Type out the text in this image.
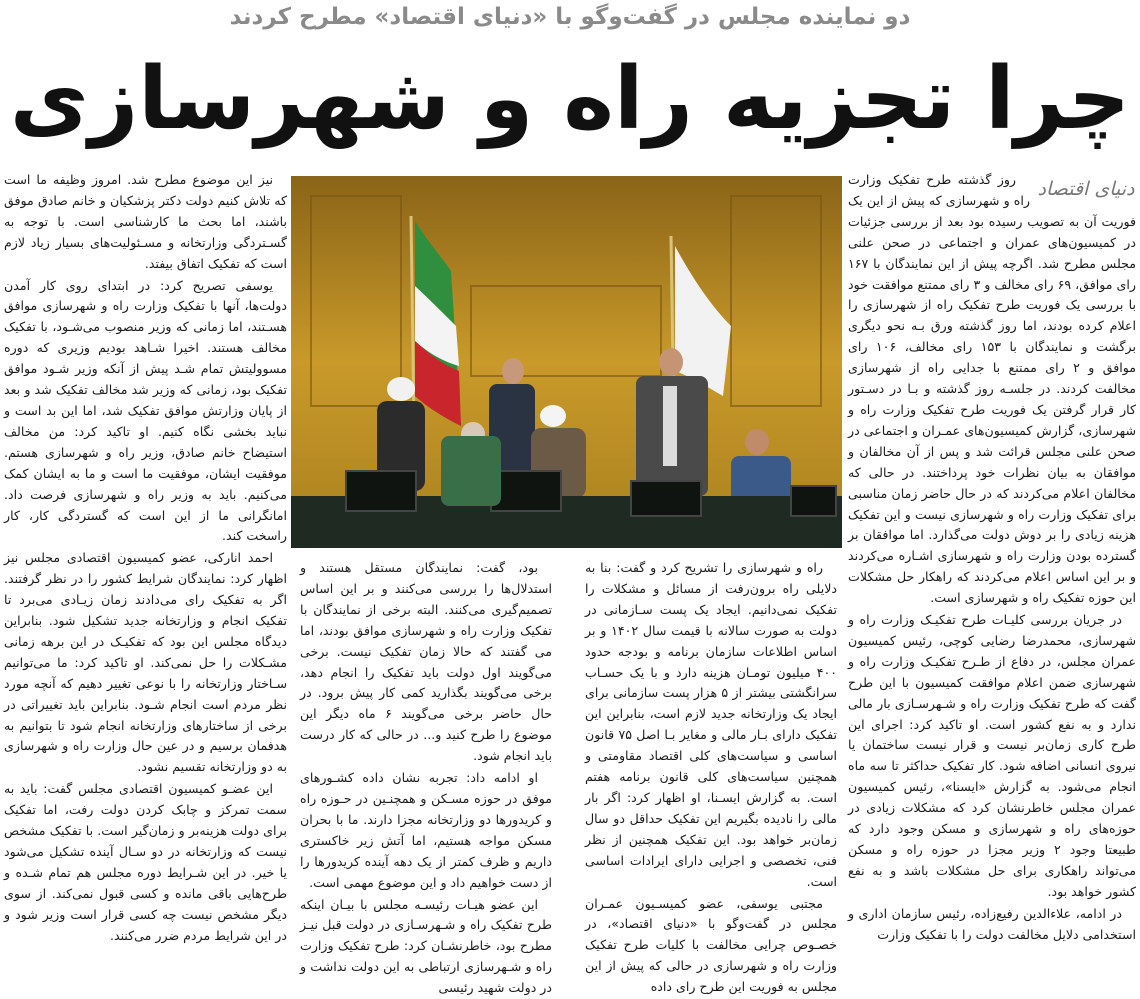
دو نماینده مجلس در گفت‌وگو با «دنیای اقتصاد» مطرح کردند
چرا تجزیه راه و شهرسازی
دنیای اقتصاد

روز گذشته طرح تفکیک وزارت راه و شهرسازی که پیش از این یک فوریت آن به تصویب رسیده بود بعد از بررسی جزئیات در کمیسیون‌های عمران و اجتماعی در صحن علنی مجلس مطرح شد. اگرچه پیش از این نمایندگان با ۱۶۷ رای موافق، ۶۹ رای مخالف و ۳ رای ممتنع موافقت خود با بررسی یک فوریت طرح تفکیک راه از شهرسازی را اعلام کرده بودند، اما روز گذشته ورق بـه نحو دیگری برگشت و نمایندگان با ۱۵۳ رای مخالف، ۱۰۶ رای موافق و ۲ رای ممتنع با جدایی راه از شهرسازی مخالفت کردند. در جلسـه روز گذشته و بـا در دسـتور کار قرار گرفتن یک فوریت طرح تفکیک وزارت راه و شهرسازی، گزارش کمیسیون‌های عمـران و اجتماعی در صحن علنی مجلس قرائت شد و پس از آن مخالفان و موافقان به بیان نظرات خود پرداختند. در حالی که مخالفان اعلام می‌کردند که در حال حاضر زمان مناسبی برای تفکیک وزارت راه و شهرسازی نیست و این تفکیک هزینه زیادی را بر دوش دولت می‌گذارد. اما موافقان بر گسترده بودن وزارت راه و شهرسازی اشـاره می‌کردند و بر این اساس اعلام می‌کردند که راهکار حل مشکلات این حوزه تفکیک راه و شهرسازی است.

در جریان بررسی کلیـات طرح تفکیـک وزارت راه و شهرسازی، محمدرضا رضایی کوچی، رئیس کمیسیون عمران مجلس، در دفاع از طـرح تفکیـک وزارت راه و شهرسازی ضمن اعلام موافقت کمیسیون با این طرح گفت که طرح تفکیک وزارت راه و شـهرسـازی بار مالی ندارد و به نفع کشور است. او تاکید کرد: اجرای این طرح کاری زمان‌بر نیست و قرار نیست ساختمان یا نیروی انسانی اضافه شود. کار تفکیک حداکثر تا سه ماه انجام می‌شود. به گزارش «ایسنا»، رئیس کمیسیون عمران مجلس خاطرنشان کرد که مشکلات زیادی در حوزه‌های راه و شهرسازی و مسکن وجود دارد که طبیعتا وجود ۲ وزیر مجزا در حوزه راه و مسکن می‌تواند راهکاری برای حل مشکلات باشد و به نفع کشور خواهد بود.

در ادامه، علاءالدین رفیع‌زاده، رئیس سازمان اداری و استخدامی دلایل مخالفت دولت را با تفکیک وزارت

راه و شهرسازی را تشریح کرد و گفت: بنا به دلایلی راه برون‌رفت از مسائل و مشکلات را تفکیک نمی‌دانیم. ایجاد یک پست سـازمانی در دولت به صورت سالانه با قیمت سال ۱۴۰۲ و بر اساس اطلاعات سازمان برنامه و بودجه حدود ۴۰۰ میلیون تومـان هزینه دارد و با یک حسـاب سرانگشتی بیشتر از ۵ هزار پست سازمانی برای ایجاد یک وزارتخانه جدید لازم است، بنابراین این تفکیک دارای بـار مالی و مغایر بـا اصل ۷۵ قانون اساسی و سیاست‌های کلی اقتصاد مقاومتی و همچنین سیاست‌های کلی قانون برنامه هفتم است. به گزارش ایسـنا، او اظهار کرد: اگر بار مالی را نادیده بگیریم این تفکیک حداقل دو سال زمان‌بر خواهد بود. این تفکیک همچنین از نظر فنی، تخصصی و اجرایی دارای ایرادات اساسی است.

مجتبی یوسفی، عضو کمیسـیون عمـران مجلس در گفت‌وگو با «دنیای اقتصاد»، در خصـوص چرایی مخالفت با کلیات طرح تفکیک وزارت راه و شهرسازی در حالی که پیش از این مجلس به فوریت این طرح رای داده

بود، گفت: نمایندگان مستقل هستند و استدلال‌ها را بررسی می‌کنند و بر این اساس تصمیم‌گیری می‌کنند. البته برخی از نمایندگان با تفکیک وزارت راه و شهرسازی موافق بودند، اما می گفتند که حالا زمان تفکیک نیست. برخی می‌گویند اول دولت باید تفکیک را انجام دهد، برخی می‌گویند بگذارید کمی کار پیش برود. در حال حاضر برخی می‌گویند ۶ ماه دیگر این موضوع را طرح کنید و... در حالی که کار درست باید انجام شود.

او ادامه داد: تجربه نشان داده کشـورهای موفق در حوزه مسـکن و همچنـین در حـوزه راه و کریدورها دو وزارتخانه مجزا دارند. ما با بحران مسکن مواجه هستیم، اما آتش زیر خاکستری داریم و ظرف کمتر از یک دهه آینده کریدورها را از دست خواهیم داد و این موضوع مهمی است.

این عضو هیـات رئیسـه مجلس با بیـان اینکه طرح تفکیک راه و شـهرسـازی در دولت قبل نیـز مطرح بود، خاطرنشـان کرد: طرح تفکیک وزارت راه و شـهرسازی ارتباطی به این دولت نداشت و در دولت شهید رئیسی

نیز این موضوع مطرح شد. امروز وظیفه ما است که تلاش کنیم دولت دکتر پزشکیان و خانم صادق موفق باشند، اما بحث ما کارشناسی است. با توجه به گسـتردگی وزارتخانه و مسـئولیت‌های بسیار زیاد لازم است که تفکیک اتفاق بیفتد.

یوسفی تصریح کرد: در ابتدای روی کار آمدن دولت‌ها، آنها با تفکیک وزارت راه و شهرسازی موافق هسـتند، اما زمانی که وزیر منصوب می‌شـود، با تفکیک مخالف هستند. اخیرا شـاهد بودیم وزیری که دوره مسوولیتش تمام شـد پیش از آنکه وزیر شـود موافق تفکیک بود، زمانی که وزیر شد مخالف تفکیک شد و بعد از پایان وزارتش موافق تفکیک شد، اما این بد است و نباید بخشی نگاه کنیم. او تاکید کرد: من مخالف استیضاح خانم صادق، وزیر راه و شهرسازی هستم. موفقیت ایشان، موفقیت ما است و ما به ایشان کمک می‌کنیم. باید به وزیر راه و شهرسازی فرصت داد. امانگرانی ما از این است که گستردگی کار، کار راسخت کند.

احمد اناركی، عضو کمیسیون اقتصادی مجلس نیز اظهار کرد: نمایندگان شرایط کشور را در نظر گرفتند. اگر به تفکیک رای می‌دادند زمان زیـادی می‌برد تا تفکیک انجام و وزارتخانه جدید تشکیل شود. بنابراین دیدگاه مجلس این بود که تفکیـک در این برهه زمانی مشـکلات را حل نمی‌کند. او تاکید کرد: ما می‌توانیم سـاختار وزارتخانه را با نوعی تغییر دهیم که آنچه مورد نظر مردم است انجام شـود. بنابراین باید تغییراتی در برخی از ساختارهای وزارتخانه انجام شود تا بتوانیم به هدفمان برسیم و در عین حال وزارت راه و شهرسازی به دو وزارتخانه تقسیم نشود.

این عضـو کمیسیون اقتصادی مجلس گفت: باید به سمت تمرکز و چابک کردن دولت رفت، اما تفکیک برای دولت هزینه‌بر و زمان‌گیر است. با تفکیک مشخص نیست که وزارتخانه در دو سـال آینده تشکیل می‌شود یا خیر. در این شـرایط دوره مجلس هم تمام شـده و طرح‌هایی باقی مانده و کسی قبول نمی‌کند. از سوی دیگر مشخص نیست چه کسی قرار است وزیر شود و در این شرایط مردم ضرر می‌کنند.
